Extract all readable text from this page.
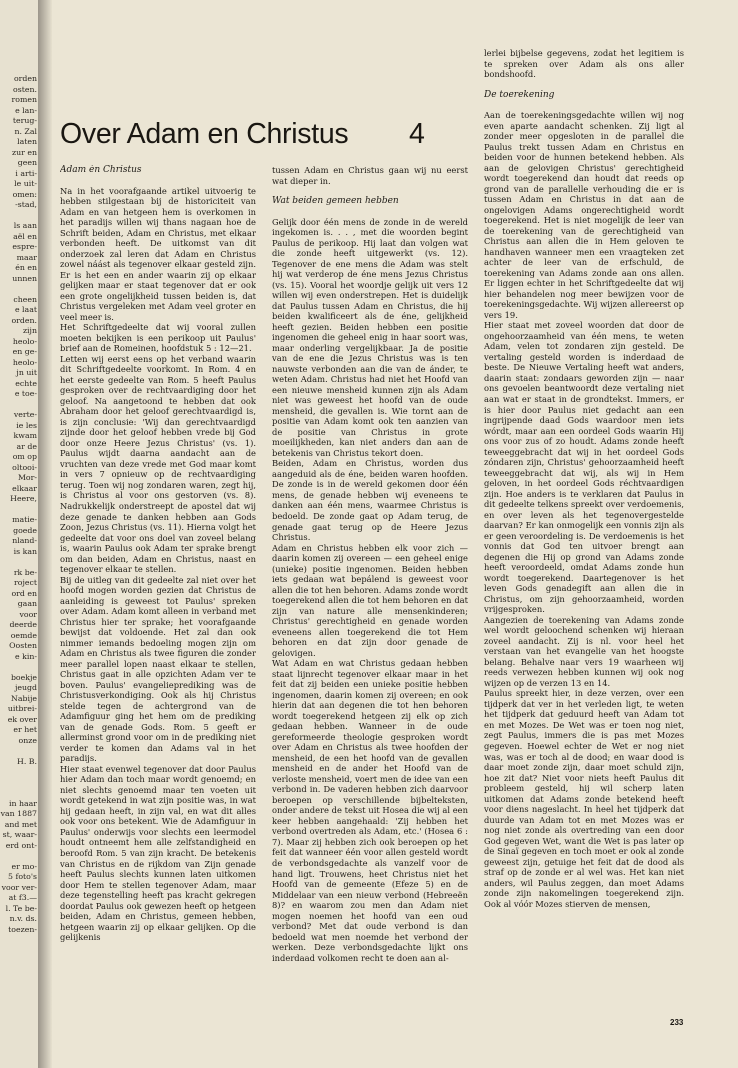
orden
osten.
romen
e lan-
terug-
n. Zal
laten
zur en
geen
i arti-
le uit-
omen:
-stad,
ls aan
aël en
espre-
maar
én en
unnen
cheen
e laat
orden.
zijn
heolo-
en ge-
heolo-
jn uit
echte
e toe-
verte-
ie les
kwam
ar de
om op
oltooi-
Mor-
elkaar
Heere,
matie-
goede
nland-
is kan
rk be-
roject
ord en
gaan
voor
deerde
oemde
Oosten
e kin-
boekje
jeugd
Nabije
uitbrei-
ek over
er het
onze
H. B.
in haar
van 1887
and met
st, waar-
erd ont-
er mo-
5 foto's
voor ver-
at f3.—
l. Te be-
n.v. ds.
toezen-
Over Adam en Christus	4

Adam èn Christus

Na in het voorafgaande artikel uitvoerig te hebben stilgestaan bij de historiciteit van Adam en van hetgeen hem is overkomen in het paradijs willen wij thans nagaan hoe de Schrift beiden, Adam en Christus, met elkaar verbonden heeft. De uitkomst van dit onderzoek zal leren dat Adam en Christus zowel náást als tegenover elkaar gesteld zijn. Er is het een en ander waarin zij op elkaar gelijken maar er staat tegenover dat er ook een grote ongelijkheid tussen beiden is, dat Christus vergeleken met Adam veel groter en veel meer is.

Het Schriftgedeelte dat wij vooral zullen moeten bekijken is een perikoop uit Paulus' brief aan de Romeinen, hoofdstuk 5 : 12—21.

Letten wij eerst eens op het verband waarin dit Schriftgedeelte voorkomt. In Rom. 4 en het eerste gedeelte van Rom. 5 heeft Paulus gesproken over de rechtvaardiging door het geloof. Na aangetoond te hebben dat ook Abraham door het geloof gerechtvaardigd is, is zijn conclusie: 'Wij dan gerechtvaardigd zijnde door het geloof hebben vrede bij God door onze Heere Jezus Christus' (vs. 1). Paulus wijdt daarna aandacht aan de vruchten van deze vrede met God maar komt in vers 7 opnieuw op de rechtvaardiging terug. Toen wij nog zondaren waren, zegt hij, is Christus al voor ons gestorven (vs. 8). Nadrukkelijk onderstreept de apostel dat wij deze genade te danken hebben aan Gods Zoon, Jezus Christus (vs. 11). Hierna volgt het gedeelte dat voor ons doel van zoveel belang is, waarin Paulus ook Adam ter sprake brengt om dan beiden, Adam en Christus, naast en tegenover elkaar te stellen.

Bij de uitleg van dit gedeelte zal niet over het hoofd mogen worden gezien dat Christus de aanleiding is geweest tot Paulus' spreken over Adam. Adam komt alleen in verband met Christus hier ter sprake; het voorafgaande bewijst dat voldoende. Het zal dan ook nimmer iemands bedoeling mogen zijn om Adam en Christus als twee figuren die zonder meer parallel lopen naast elkaar te stellen, Christus gaat in alle opzichten Adam ver te boven. Paulus' evangelieprediking was de Christusverkondiging. Ook als hij Christus stelde tegen de achtergrond van de Adamfiguur ging het hem om de prediking van de genade Gods. Rom. 5 geeft er allerminst grond voor om in de prediking niet verder te komen dan Adams val in het paradijs.

Hier staat evenwel tegenover dat door Paulus hier Adam dan toch maar wordt genoemd; en niet slechts genoemd maar ten voeten uit wordt getekend in wat zijn positie was, in wat hij gedaan heeft, in zijn val, en wat dit alles ook voor ons betekent. Wie de Adamfiguur in Paulus' onderwijs voor slechts een leermodel houdt ontneemt hem alle zelfstandigheid en beroofd Rom. 5 van zijn kracht. De betekenis van Christus en de rijkdom van Zijn genade heeft Paulus slechts kunnen laten uitkomen door Hem te stellen tegenover Adam, maar deze tegenstelling heeft pas kracht gekregen doordat Paulus ook gewezen heeft op hetgeen beiden, Adam en Christus, gemeen hebben, hetgeen waarin zij op elkaar gelijken. Op die gelijkenis

tussen Adam en Christus gaan wij nu eerst wat dieper in.

Wat beiden gemeen hebben

Gelijk door één mens de zonde in de wereld ingekomen is. . . , met die woorden begint Paulus de perikoop. Hij laat dan volgen wat die zonde heeft uitgewerkt (vs. 12). Tegenover de ene mens die Adam was stelt hij wat verderop de éne mens Jezus Christus (vs. 15). Vooral het woordje gelijk uit vers 12 willen wij even onderstrepen. Het is duidelijk dat Paulus tussen Adam en Christus, die hij beiden kwalificeert als de éne, gelijkheid heeft gezien. Beiden hebben een positie ingenomen die geheel enig in haar soort was, maar onderling vergelijkbaar. Ja de positie van de ene die Jezus Christus was is ten nauwste verbonden aan die van de ánder, te weten Adam. Christus had niet het Hoofd van een nieuwe mensheid kunnen zijn als Adam niet was geweest het hoofd van de oude mensheid, die gevallen is. Wie tornt aan de positie van Adam komt ook ten aanzien van de positie van Christus in grote moeilijkheden, kan niet anders dan aan de betekenis van Christus tekort doen.

Beiden, Adam en Christus, worden dus aangeduid als de éne, beiden waren hoofden. De zonde is in de wereld gekomen door één mens, de genade hebben wij eveneens te danken aan één mens, waarmee Christus is bedoeld. De zonde gaat op Adam terug, de genade gaat terug op de Heere Jezus Christus.

Adam en Christus hebben elk voor zich — daarin komen zij overeen — een geheel enige (unieke) positie ingenomen. Beiden hebben iets gedaan wat bepálend is geweest voor allen die tot hen behoren. Adams zonde wordt toegerekend allen die tot hem behoren en dat zijn van nature alle mensenkinderen; Christus' gerechtigheid en genade worden eveneens allen toegerekend die tot Hem behoren en dat zijn door genade de gelovigen.

Wat Adam en wat Christus gedaan hebben staat lijnrecht tegenover elkaar maar in het feit dat zij beiden een unieke positie hebben ingenomen, daarin komen zij overeen; en ook hierin dat aan degenen die tot hen behoren wordt toegerekend hetgeen zij elk op zich gedaan hebben. Wanneer in de oude gereformeerde theologie gesproken wordt over Adam en Christus als twee hoofden der mensheid, de een het hoofd van de gevallen mensheid en de ander het Hoofd van de verloste mensheid, voert men de idee van een verbond in. De vaderen hebben zich daarvoor beroepen op verschillende bijbelteksten, onder andere de tekst uit Hosea die wij al een keer hebben aangehaald: 'Zij hebben het verbond overtreden als Adam, etc.' (Hosea 6 : 7). Maar zij hebben zich ook beroepen op het feit dat wanneer één voor allen gesteld wordt de verbondsgedachte als vanzelf voor de hand ligt. Trouwens, heet Christus niet het Hoofd van de gemeente (Efeze 5) en de Middelaar van een nieuw verbond (Hebreeën 8)? en waarom zou men dan Adam niet mogen noemen het hoofd van een oud verbond? Met dat oude verbond is dan bedoeld wat men noemde het verbond der werken. Deze verbondsgedachte lijkt ons inderdaad volkomen recht te doen aan al-

lerlei bijbelse gegevens, zodat het legitiem is te spreken over Adam als ons aller bondshoofd.

De toerekening

Aan de toerekeningsgedachte willen wij nog even aparte aandacht schenken. Zij ligt al zonder meer opgesloten in de parallel die Paulus trekt tussen Adam en Christus en beiden voor de hunnen betekend hebben. Als aan de gelovigen Christus' gerechtigheid wordt toegerekend dan houdt dat reeds op grond van de parallelle verhouding die er is tussen Adam en Christus in dat aan de ongelovigen Adams ongerechtigheid wordt toegerekend. Het is niet mogelijk de leer van de toerekening van de gerechtigheid van Christus aan allen die in Hem geloven te handhaven wanneer men een vraagteken zet achter de leer van de erfschuld, de toerekening van Adams zonde aan ons allen. Er liggen echter in het Schriftgedeelte dat wij hier behandelen nog meer bewijzen voor de toerekeningsgedachte. Wij wijzen allereerst op vers 19.

Hier staat met zoveel woorden dat door de ongehoorzaamheid van één mens, te weten Adam, velen tot zondaren zijn gesteld. De vertaling gesteld worden is inderdaad de beste. De Nieuwe Vertaling heeft wat anders, daarin staat: zondaars geworden zijn — naar ons gevoelen beantwoordt deze vertaling niet aan wat er staat in de grondtekst. Immers, er is hier door Paulus niet gedacht aan een ingrijpende daad Gods waardoor men iets wórdt, maar aan een oordeel Gods waarin Hij ons voor zus of zo houdt. Adams zonde heeft teweeggebracht dat wij in het oordeel Gods zóndaren zijn, Christus' gehoorzaamheid heeft teweeggebracht dat wij, als wij in Hem geloven, in het oordeel Gods réchtvaardigen zijn. Hoe anders is te verklaren dat Paulus in dit gedeelte telkens spreekt over verdoemenis, en over leven als het tegenovergestelde daarvan? Er kan onmogelijk een vonnis zijn als er geen veroordeling is. De verdoemenis is het vonnis dat God ten uitvoer brengt aan degenen die Hij op grond van Adams zonde heeft veroordeeld, omdat Adams zonde hun wordt toegerekend. Daartegenover is het leven Gods genadegift aan allen die in Christus, om zijn gehoorzaamheid, worden vrijgesproken.

Aangezien de toerekening van Adams zonde wel wordt geloochend schenken wij hieraan zoveel aandacht. Zij is nl. voor heel het verstaan van het evangelie van het hoogste belang. Behalve naar vers 19 waarheen wij reeds verwezen hebben kunnen wij ook nog wijzen op de verzen 13 en 14.

Paulus spreekt hier, in deze verzen, over een tijdperk dat ver in het verleden ligt, te weten het tijdperk dat geduurd heeft van Adam tot en met Mozes. De Wet was er toen nog niet, zegt Paulus, immers die is pas met Mozes gegeven. Hoewel echter de Wet er nog niet was, was er toch al de dood; en waar dood is daar moet zonde zijn, daar moet schuld zijn, hoe zit dat? Niet voor niets heeft Paulus dit probleem gesteld, hij wil scherp laten uitkomen dat Adams zonde betekend heeft voor diens nageslacht. In heel het tijdperk dat duurde van Adam tot en met Mozes was er nog niet zonde als overtreding van een door God gegeven Wet, want die Wet is pas later op de Sinaï gegeven en toch moet er ook al zonde geweest zijn, getuige het feit dat de dood als straf op de zonde er al wel was. Het kan niet anders, wil Paulus zeggen, dan moet Adams zonde zijn nakomelingen toegerekend zijn. Ook al vóór Mozes stierven de mensen,

233
